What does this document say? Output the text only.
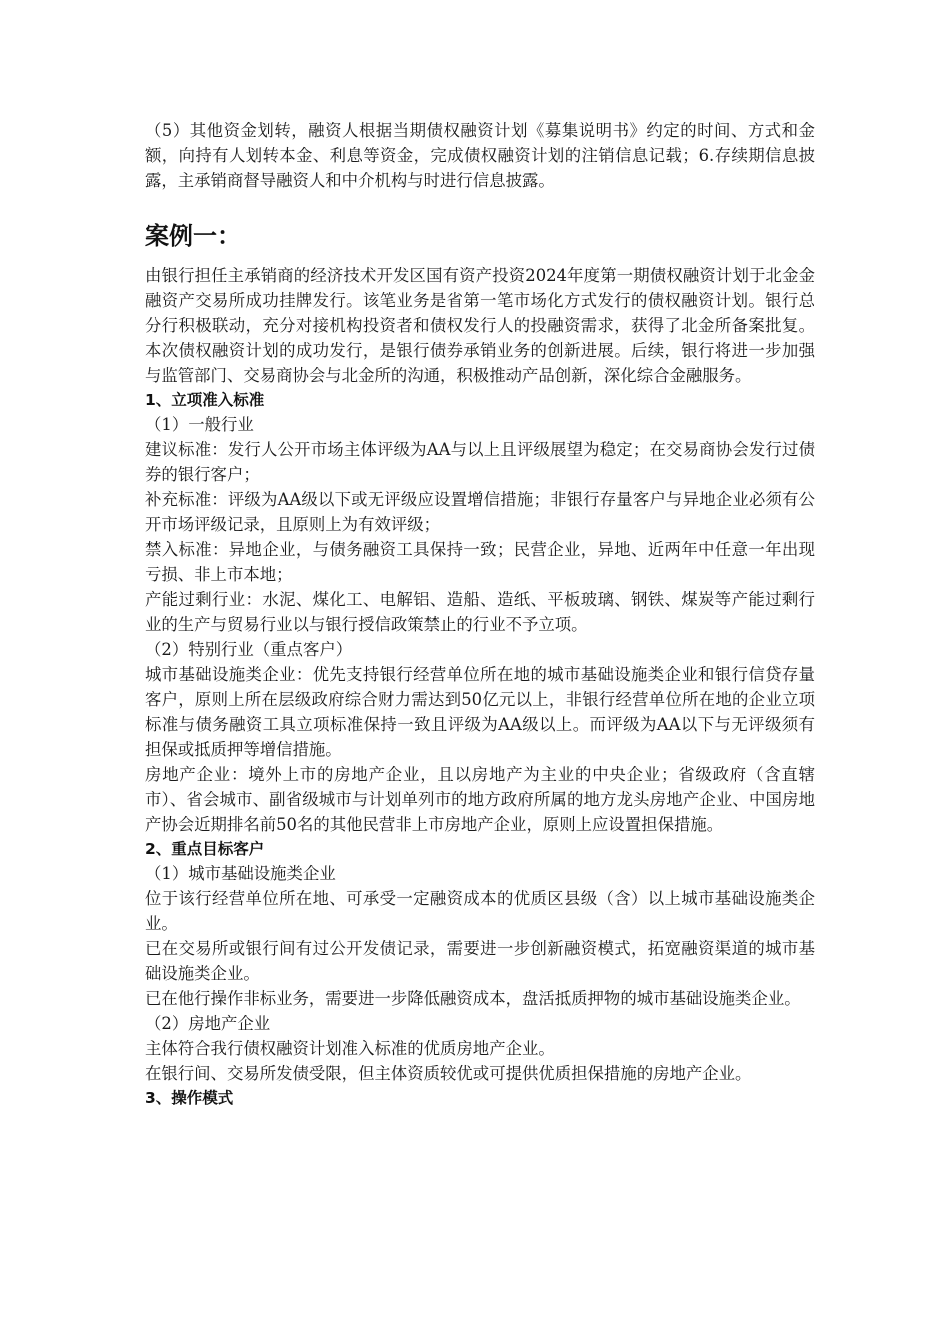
（5）其他资金划转，融资人根据当期债权融资计划《募集说明书》约定的时间、方式和金额，向持有人划转本金、利息等资金，完成债权融资计划的注销信息记载；6.存续期信息披露，主承销商督导融资人和中介机构与时进行信息披露。

案例一：

由银行担任主承销商的经济技术开发区国有资产投资2024年度第一期债权融资计划于北金金融资产交易所成功挂牌发行。该笔业务是省第一笔市场化方式发行的债权融资计划。银行总分行积极联动，充分对接机构投资者和债权发行人的投融资需求，获得了北金所备案批复。本次债权融资计划的成功发行，是银行债券承销业务的创新进展。后续，银行将进一步加强与监管部门、交易商协会与北金所的沟通，积极推动产品创新，深化综合金融服务。

1、立项准入标准

（1）一般行业

建议标准：发行人公开市场主体评级为AA与以上且评级展望为稳定；在交易商协会发行过债券的银行客户；

补充标准：评级为AA级以下或无评级应设置增信措施；非银行存量客户与异地企业必须有公开市场评级记录，且原则上为有效评级；

禁入标准：异地企业，与债务融资工具保持一致；民营企业，异地、近两年中任意一年出现亏损、非上市本地；

产能过剩行业：水泥、煤化工、电解铝、造船、造纸、平板玻璃、钢铁、煤炭等产能过剩行业的生产与贸易行业以与银行授信政策禁止的行业不予立项。

（2）特别行业（重点客户）

城市基础设施类企业：优先支持银行经营单位所在地的城市基础设施类企业和银行信贷存量客户，原则上所在层级政府综合财力需达到50亿元以上，非银行经营单位所在地的企业立项标准与债务融资工具立项标准保持一致且评级为AA级以上。而评级为AA以下与无评级须有担保或抵质押等增信措施。

房地产企业：境外上市的房地产企业，且以房地产为主业的中央企业；省级政府（含直辖市）、省会城市、副省级城市与计划单列市的地方政府所属的地方龙头房地产企业、中国房地产协会近期排名前50名的其他民营非上市房地产企业，原则上应设置担保措施。

2、重点目标客户

（1）城市基础设施类企业

位于该行经营单位所在地、可承受一定融资成本的优质区县级（含）以上城市基础设施类企业。

已在交易所或银行间有过公开发债记录，需要进一步创新融资模式，拓宽融资渠道的城市基础设施类企业。

已在他行操作非标业务，需要进一步降低融资成本，盘活抵质押物的城市基础设施类企业。

（2）房地产企业

主体符合我行债权融资计划准入标准的优质房地产企业。

在银行间、交易所发债受限，但主体资质较优或可提供优质担保措施的房地产企业。

3、操作模式
